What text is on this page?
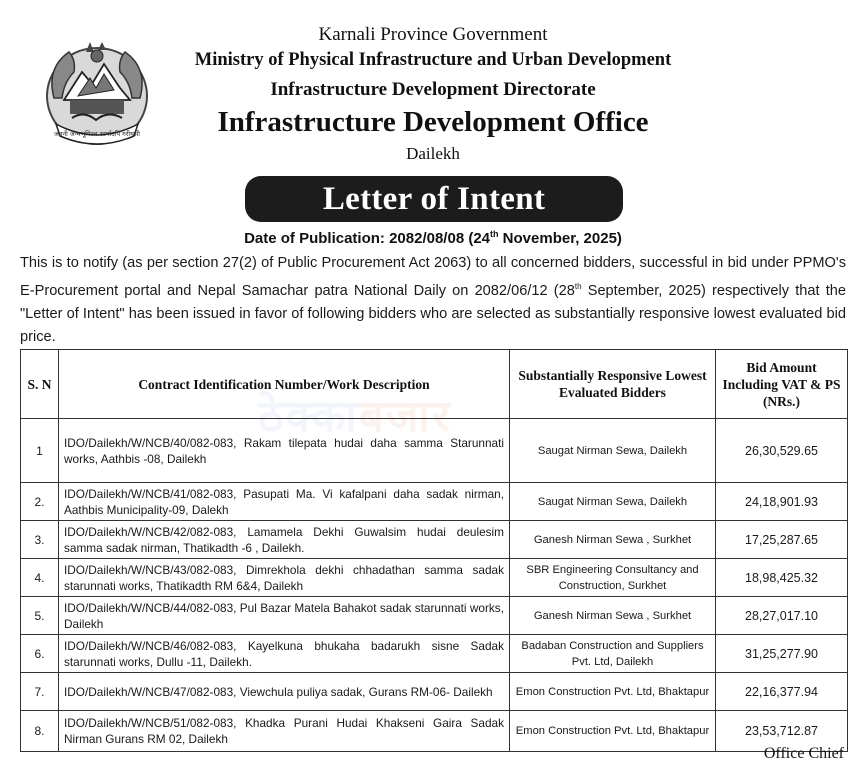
जननी जन्मभूमिश्च स्वर्गादपि गरीयसी
Karnali Province Government
Ministry of Physical Infrastructure and Urban Development
Infrastructure Development Directorate
Infrastructure Development Office
Dailekh
Letter of Intent
Date of Publication: 2082/08/08 (24th November, 2025)
This is to notify (as per section 27(2) of Public Procurement Act 2063) to all concerned bidders, successful in bid under PPMO's E-Procurement portal and Nepal Samachar patra National Daily on 2082/06/12 (28th September, 2025) respectively that the "Letter of Intent" has been issued in favor of following bidders who are selected as substantially responsive lowest evaluated bid price.
ठेक्काबजार
S. N	Contract Identification Number/Work Description	Substantially Responsive Lowest Evaluated Bidders	Bid Amount Including VAT & PS (NRs.)
1	IDO/Dailekh/W/NCB/40/082-083, Rakam tilepata hudai daha samma Starunnati works, Aathbis -08, Dailekh	Saugat Nirman Sewa, Dailekh	26,30,529.65
2.	IDO/Dailekh/W/NCB/41/082-083, Pasupati Ma. Vi kafalpani daha sadak nirman, Aathbis Municipality-09, Dalekh	Saugat Nirman Sewa, Dailekh	24,18,901.93
3.	IDO/Dailekh/W/NCB/42/082-083, Lamamela Dekhi Guwalsim hudai deulesim samma sadak nirman, Thatikadth -6 , Dailekh.	Ganesh Nirman Sewa , Surkhet	17,25,287.65
4.	IDO/Dailekh/W/NCB/43/082-083, Dimrekhola dekhi chhadathan samma sadak starunnati works, Thatikadth RM 6&4, Dailekh	SBR Engineering Consultancy and Construction, Surkhet	18,98,425.32
5.	IDO/Dailekh/W/NCB/44/082-083, Pul Bazar Matela Bahakot sadak starunnati works, Dailekh	Ganesh Nirman Sewa , Surkhet	28,27,017.10
6.	IDO/Dailekh/W/NCB/46/082-083, Kayelkuna bhukaha badarukh sisne Sadak starunnati works, Dullu -11, Dailekh.	Badaban Construction and Suppliers Pvt. Ltd, Dailekh	31,25,277.90
7.	IDO/Dailekh/W/NCB/47/082-083, Viewchula puliya sadak, Gurans RM-06- Dailekh	Emon Construction Pvt. Ltd, Bhaktapur	22,16,377.94
8.	IDO/Dailekh/W/NCB/51/082-083, Khadka Purani Hudai Khakseni Gaira Sadak Nirman Gurans RM 02, Dailekh	Emon Construction Pvt. Ltd, Bhaktapur	23,53,712.87
Office Chief
